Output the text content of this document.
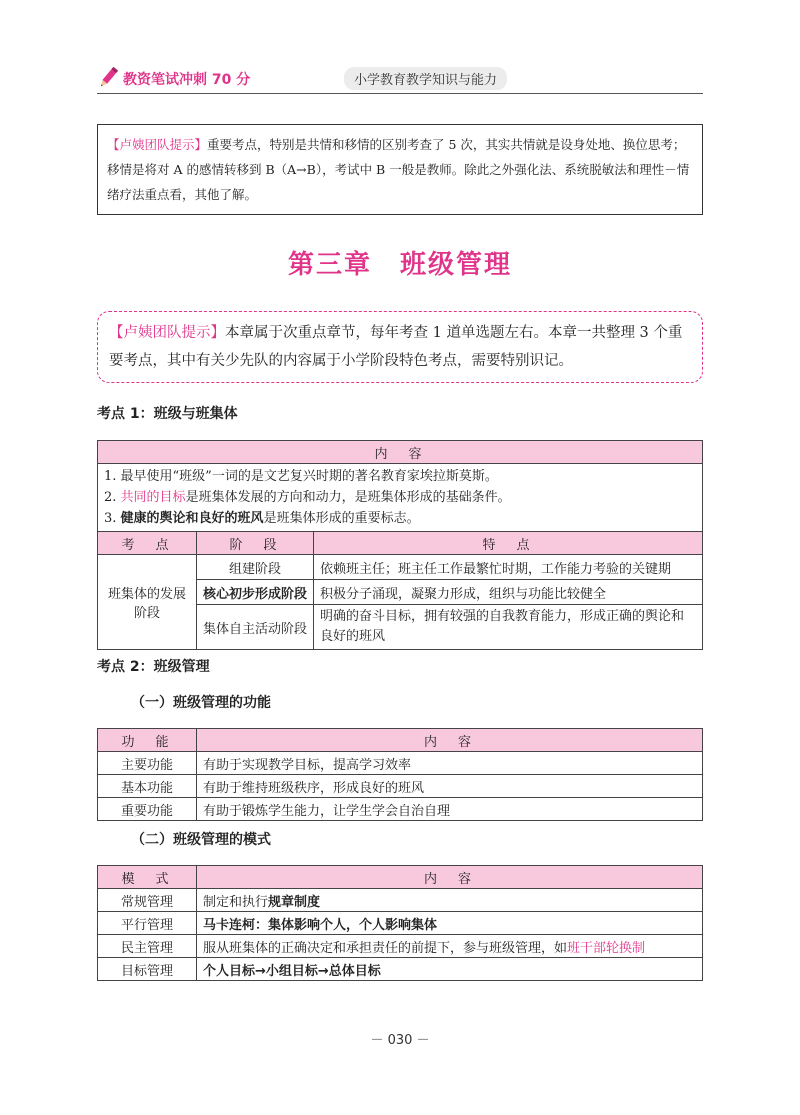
教资笔试冲刺 70 分	小学教育教学知识与能力
【卢姨团队提示】重要考点，特别是共情和移情的区别考查了 5 次，其实共情就是设身处地、换位思考；移情是将对 A 的感情转移到 B（A→B），考试中 B 一般是教师。除此之外强化法、系统脱敏法和理性－情绪疗法重点看，其他了解。
第三章 班级管理
【卢姨团队提示】本章属于次重点章节，每年考查 1 道单选题左右。本章一共整理 3 个重要考点，其中有关少先队的内容属于小学阶段特色考点，需要特别识记。
考点 1：班级与班集体
内　容		

1. 最早使用“班级”一词的是文艺复兴时期的著名教育家埃拉斯莫斯。
2. 共同的目标是班集体发展的方向和动力，是班集体形成的基础条件。
3. 健康的舆论和良好的班风是班集体形成的重要标志。		

考　点	阶　段	特　点
班集体的发展阶段	组建阶段	依赖班主任；班主任工作最繁忙时期，工作能力考验的关键期
	核心初步形成阶段	积极分子涌现，凝聚力形成，组织与功能比较健全
	集体自主活动阶段	明确的奋斗目标，拥有较强的自我教育能力，形成正确的舆论和良好的班风
考点 2：班级管理
（一）班级管理的功能
功　能	内　容
主要功能	有助于实现教学目标，提高学习效率
基本功能	有助于维持班级秩序，形成良好的班风
重要功能	有助于锻炼学生能力，让学生学会自治自理
（二）班级管理的模式
模　式	内　容
常规管理	制定和执行规章制度
平行管理	马卡连柯：集体影响个人，个人影响集体
民主管理	服从班集体的正确决定和承担责任的前提下，参与班级管理，如班干部轮换制
目标管理	个人目标→小组目标→总体目标
－ 030 －
